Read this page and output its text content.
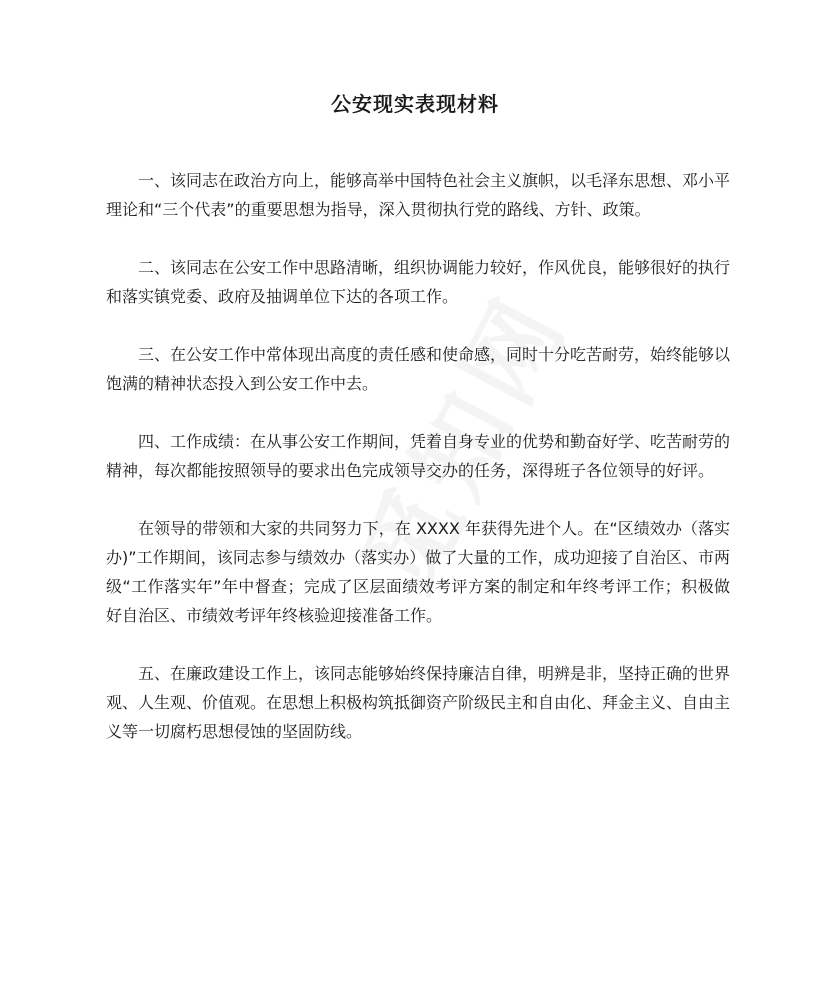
公安现实表现材料
一、该同志在政治方向上，能够高举中国特色社会主义旗帜，以毛泽东思想、邓小平
理论和“三个代表”的重要思想为指导，深入贯彻执行党的路线、方针、政策。
二、该同志在公安工作中思路清晰，组织协调能力较好，作风优良，能够很好的执行
和落实镇党委、政府及抽调单位下达的各项工作。
三、在公安工作中常体现出高度的责任感和使命感，同时十分吃苦耐劳，始终能够以
饱满的精神状态投入到公安工作中去。
四、工作成绩：在从事公安工作期间，凭着自身专业的优势和勤奋好学、吃苦耐劳的
精神，每次都能按照领导的要求出色完成领导交办的任务，深得班子各位领导的好评。
在领导的带领和大家的共同努力下，在 XXXX 年获得先进个人。在“区绩效办（落实
办)”工作期间，该同志参与绩效办（落实办）做了大量的工作，成功迎接了自治区、市两
级“工作落实年”年中督查；完成了区层面绩效考评方案的制定和年终考评工作；积极做
好自治区、市绩效考评年终核验迎接准备工作。
五、在廉政建设工作上，该同志能够始终保持廉洁自律，明辨是非，坚持正确的世界
观、人生观、价值观。在思想上积极构筑抵御资产阶级民主和自由化、拜金主义、自由主
义等一切腐朽思想侵蚀的坚固防线。
